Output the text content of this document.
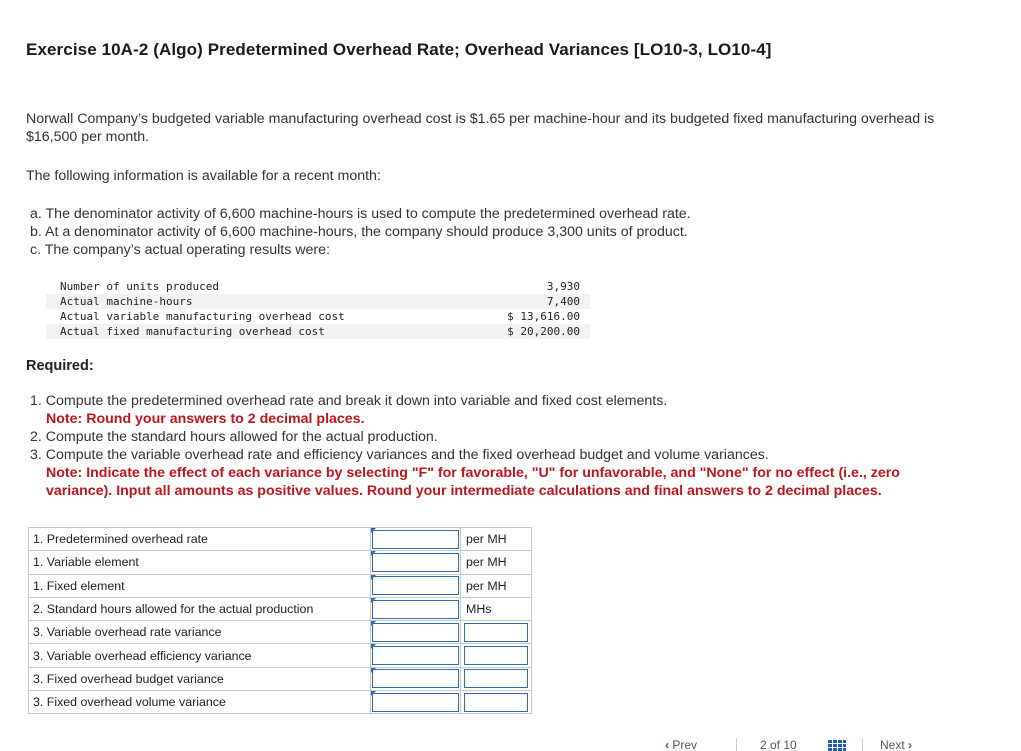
Exercise 10A-2 (Algo) Predetermined Overhead Rate; Overhead Variances [LO10-3, LO10-4]
Norwall Company’s budgeted variable manufacturing overhead cost is $1.65 per machine-hour and its budgeted fixed manufacturing overhead is $16,500 per month.
The following information is available for a recent month:
a. The denominator activity of 6,600 machine-hours is used to compute the predetermined overhead rate.
b. At a denominator activity of 6,600 machine-hours, the company should produce 3,300 units of product.
c. The company’s actual operating results were:
Number of units produced	3,930
Actual machine-hours	7,400
Actual variable manufacturing overhead cost	$ 13,616.00
Actual fixed manufacturing overhead cost	$ 20,200.00
Required:
1. Compute the predetermined overhead rate and break it down into variable and fixed cost elements.
Note: Round your answers to 2 decimal places.
2. Compute the standard hours allowed for the actual production.
3. Compute the variable overhead rate and efficiency variances and the fixed overhead budget and volume variances.
Note: Indicate the effect of each variance by selecting "F" for favorable, "U" for unfavorable, and "None" for no effect (i.e., zero
variance). Input all amounts as positive values. Round your intermediate calculations and final answers to 2 decimal places.
1. Predetermined overhead rate		per MH
1. Variable element		per MH
1. Fixed element		per MH
2. Standard hours allowed for the actual production		MHs
3. Variable overhead rate variance	

3. Variable overhead efficiency variance	

3. Fixed overhead budget variance	

3. Fixed overhead volume variance	

‹ Prev	2 of 10	Next ›
